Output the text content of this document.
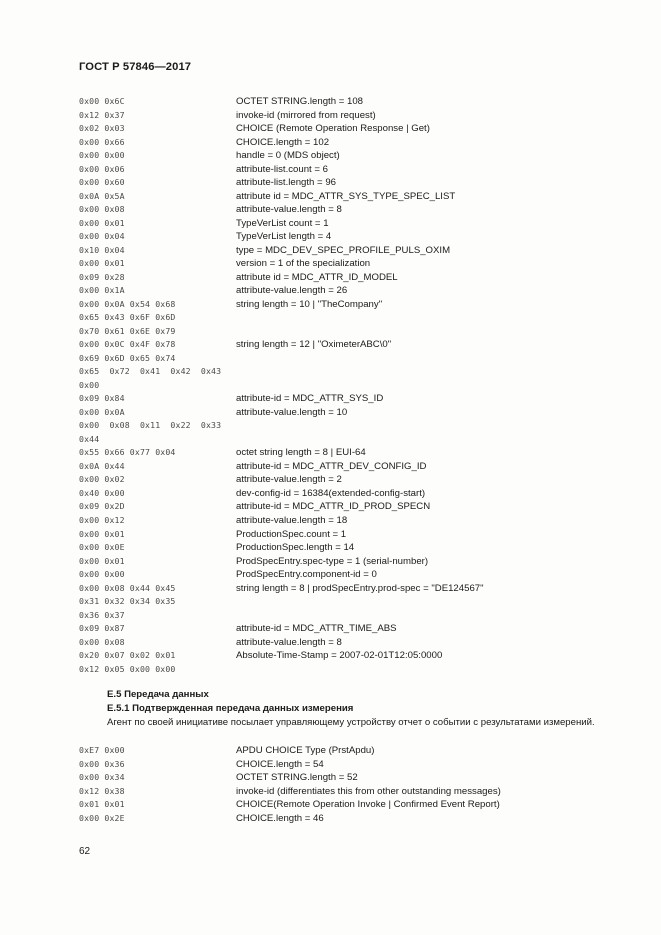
ГОСТ Р 57846—2017
0x00 0x6C	OCTET STRING.length = 108
0x12 0x37	invoke-id (mirrored from request)
0x02 0x03	CHOICE (Remote Operation Response | Get)
0x00 0x66	CHOICE.length = 102
0x00 0x00	handle = 0 (MDS object)
0x00 0x06	attribute-list.count = 6
0x00 0x60	attribute-list.length = 96
0x0A 0x5A	attribute id = MDC_ATTR_SYS_TYPE_SPEC_LIST
0x00 0x08	attribute-value.length = 8
0x00 0x01	TypeVerList count = 1
0x00 0x04	TypeVerList length = 4
0x10 0x04	type = MDC_DEV_SPEC_PROFILE_PULS_OXIM
0x00 0x01	version = 1 of the specialization
0x09 0x28	attribute id = MDC_ATTR_ID_MODEL
0x00 0x1A	attribute-value.length = 26
0x00 0x0A 0x54 0x68	string length = 10 | "TheCompany"
0x65 0x43 0x6F 0x6D
0x70 0x61 0x6E 0x79
0x00 0x0C 0x4F 0x78	string length = 12 | "OximeterABC\0"
0x69 0x6D 0x65 0x74
0x65  0x72  0x41  0x42  0x43
0x00
0x09 0x84	attribute-id = MDC_ATTR_SYS_ID
0x00 0x0A	attribute-value.length = 10
0x00  0x08  0x11  0x22  0x33
0x44
0x55 0x66 0x77 0x04	octet string length = 8 | EUI-64
0x0A 0x44	attribute-id = MDC_ATTR_DEV_CONFIG_ID
0x00 0x02	attribute-value.length = 2
0x40 0x00	dev-config-id = 16384(extended-config-start)
0x09 0x2D	attribute-id = MDC_ATTR_ID_PROD_SPECN
0x00 0x12	attribute-value.length = 18
0x00 0x01	ProductionSpec.count = 1
0x00 0x0E	ProductionSpec.length = 14
0x00 0x01	ProdSpecEntry.spec-type = 1 (serial-number)
0x00 0x00	ProdSpecEntry.component-id = 0
0x00 0x08 0x44 0x45	string length = 8 | prodSpecEntry.prod-spec = "DE124567"
0x31 0x32 0x34 0x35
0x36 0x37
0x09 0x87	attribute-id = MDC_ATTR_TIME_ABS
0x00 0x08	attribute-value.length = 8
0x20 0x07 0x02 0x01	Absolute-Time-Stamp = 2007-02-01T12:05:0000
0x12 0x05 0x00 0x00
Е.5 Передача данных
Е.5.1 Подтвержденная передача данных измерения
Агент по своей инициативе посылает управляющему устройству отчет о событии с результатами измерений.
0xE7 0x00	APDU CHOICE Type (PrstApdu)
0x00 0x36	CHOICE.length = 54
0x00 0x34	OCTET STRING.length = 52
0x12 0x38	invoke-id (differentiates this from other outstanding messages)
0x01 0x01	CHOICE(Remote Operation Invoke | Confirmed Event Report)
0x00 0x2E	CHOICE.length = 46
62
